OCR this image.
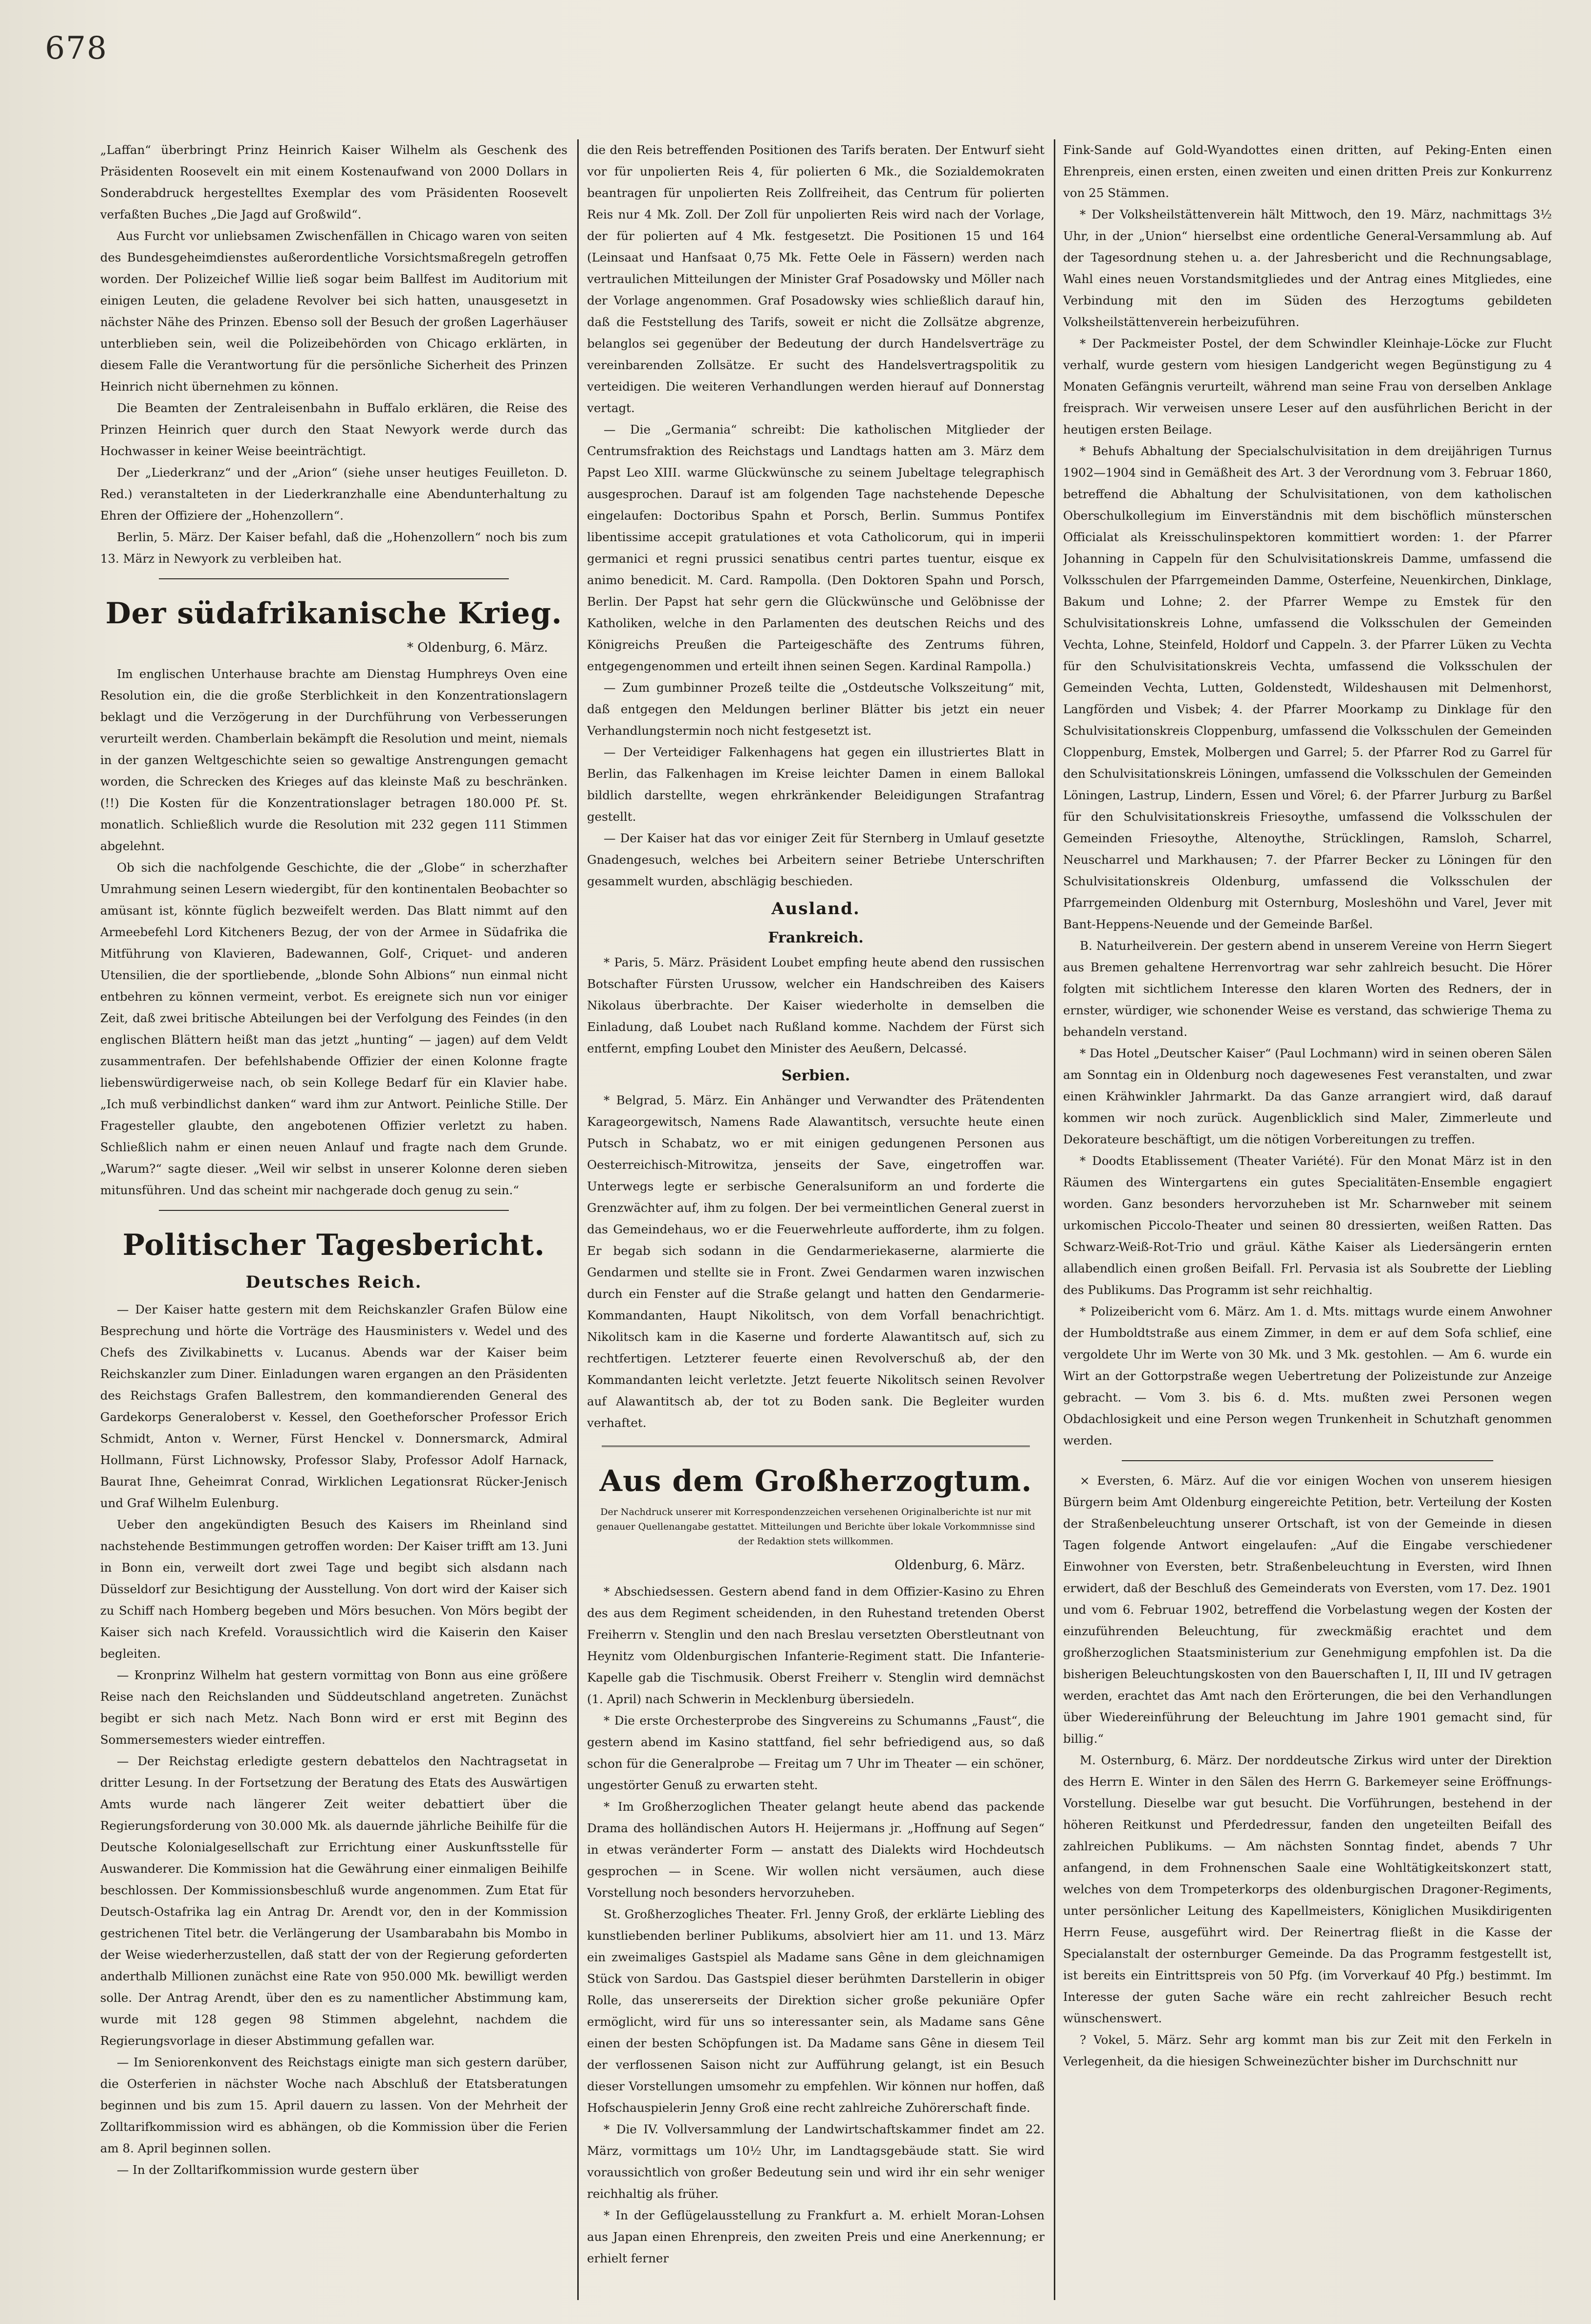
678

„Laffan“ überbringt Prinz Heinrich Kaiser Wilhelm als Geschenk des Präsidenten Roosevelt ein mit einem Kostenaufwand von 2000 Dollars in Sonderabdruck hergestelltes Exemplar des vom Präsidenten Roosevelt verfaßten Buches „Die Jagd auf Großwild“.

Aus Furcht vor unliebsamen Zwischenfällen in Chicago waren von seiten des Bundesgeheimdienstes außerordentliche Vorsichtsmaßregeln getroffen worden. Der Polizeichef Willie ließ sogar beim Ballfest im Auditorium mit einigen Leuten, die geladene Revolver bei sich hatten, unausgesetzt in nächster Nähe des Prinzen. Ebenso soll der Besuch der großen Lagerhäuser unterblieben sein, weil die Polizeibehörden von Chicago erklärten, in diesem Falle die Verantwortung für die persönliche Sicherheit des Prinzen Heinrich nicht übernehmen zu können.

Die Beamten der Zentraleisenbahn in Buffalo erklären, die Reise des Prinzen Heinrich quer durch den Staat Newyork werde durch das Hochwasser in keiner Weise beeinträchtigt.

Der „Liederkranz“ und der „Arion“ (siehe unser heutiges Feuilleton. D. Red.) veranstalteten in der Liederkranzhalle eine Abendunterhaltung zu Ehren der Offiziere der „Hohenzollern“.

Berlin, 5. März. Der Kaiser befahl, daß die „Hohenzollern“ noch bis zum 13. März in Newyork zu verbleiben hat.

Der südafrikanische Krieg.
* Oldenburg, 6. März.

Im englischen Unterhause brachte am Dienstag Humphreys Oven eine Resolution ein, die die große Sterblichkeit in den Konzentrationslagern beklagt und die Verzögerung in der Durchführung von Verbesserungen verurteilt werden. Chamberlain bekämpft die Resolution und meint, niemals in der ganzen Weltgeschichte seien so gewaltige Anstrengungen gemacht worden, die Schrecken des Krieges auf das kleinste Maß zu beschränken. (!!) Die Kosten für die Konzentrationslager betragen 180.000 Pf. St. monatlich. Schließlich wurde die Resolution mit 232 gegen 111 Stimmen abgelehnt.

Ob sich die nachfolgende Geschichte, die der „Globe“ in scherzhafter Umrahmung seinen Lesern wiedergibt, für den kontinentalen Beobachter so amüsant ist, könnte füglich bezweifelt werden. Das Blatt nimmt auf den Armeebefehl Lord Kitcheners Bezug, der von der Armee in Südafrika die Mitführung von Klavieren, Badewannen, Golf-, Criquet- und anderen Utensilien, die der sportliebende, „blonde Sohn Albions“ nun einmal nicht entbehren zu können vermeint, verbot. Es ereignete sich nun vor einiger Zeit, daß zwei britische Abteilungen bei der Verfolgung des Feindes (in den englischen Blättern heißt man das jetzt „hunting“ — jagen) auf dem Veldt zusammentrafen. Der befehlshabende Offizier der einen Kolonne fragte liebenswürdigerweise nach, ob sein Kollege Bedarf für ein Klavier habe. „Ich muß verbindlichst danken“ ward ihm zur Antwort. Peinliche Stille. Der Fragesteller glaubte, den angebotenen Offizier verletzt zu haben. Schließlich nahm er einen neuen Anlauf und fragte nach dem Grunde. „Warum?“ sagte dieser. „Weil wir selbst in unserer Kolonne deren sieben mitunsführen. Und das scheint mir nachgerade doch genug zu sein.“

Politischer Tagesbericht.
Deutsches Reich.

— Der Kaiser hatte gestern mit dem Reichskanzler Grafen Bülow eine Besprechung und hörte die Vorträge des Hausministers v. Wedel und des Chefs des Zivilkabinetts v. Lucanus. Abends war der Kaiser beim Reichskanzler zum Diner. Einladungen waren ergangen an den Präsidenten des Reichstags Grafen Ballestrem, den kommandierenden General des Gardekorps Generaloberst v. Kessel, den Goetheforscher Professor Erich Schmidt, Anton v. Werner, Fürst Henckel v. Donnersmarck, Admiral Hollmann, Fürst Lichnowsky, Professor Slaby, Professor Adolf Harnack, Baurat Ihne, Geheimrat Conrad, Wirklichen Legationsrat Rücker-Jenisch und Graf Wilhelm Eulenburg.

Ueber den angekündigten Besuch des Kaisers im Rheinland sind nachstehende Bestimmungen getroffen worden: Der Kaiser trifft am 13. Juni in Bonn ein, verweilt dort zwei Tage und begibt sich alsdann nach Düsseldorf zur Besichtigung der Ausstellung. Von dort wird der Kaiser sich zu Schiff nach Homberg begeben und Mörs besuchen. Von Mörs begibt der Kaiser sich nach Krefeld. Voraussichtlich wird die Kaiserin den Kaiser begleiten.

— Kronprinz Wilhelm hat gestern vormittag von Bonn aus eine größere Reise nach den Reichslanden und Süddeutschland angetreten. Zunächst begibt er sich nach Metz. Nach Bonn wird er erst mit Beginn des Sommersemesters wieder eintreffen.

— Der Reichstag erledigte gestern debattelos den Nachtragsetat in dritter Lesung. In der Fortsetzung der Beratung des Etats des Auswärtigen Amts wurde nach längerer Zeit weiter debattiert über die Regierungsforderung von 30.000 Mk. als dauernde jährliche Beihilfe für die Deutsche Kolonialgesellschaft zur Errichtung einer Auskunftsstelle für Auswanderer. Die Kommission hat die Gewährung einer einmaligen Beihilfe beschlossen. Der Kommissionsbeschluß wurde angenommen. Zum Etat für Deutsch-Ostafrika lag ein Antrag Dr. Arendt vor, den in der Kommission gestrichenen Titel betr. die Verlängerung der Usambarabahn bis Mombo in der Weise wiederherzustellen, daß statt der von der Regierung geforderten anderthalb Millionen zunächst eine Rate von 950.000 Mk. bewilligt werden solle. Der Antrag Arendt, über den es zu namentlicher Abstimmung kam, wurde mit 128 gegen 98 Stimmen abgelehnt, nachdem die Regierungsvorlage in dieser Abstimmung gefallen war.

— Im Seniorenkonvent des Reichstags einigte man sich gestern darüber, die Osterferien in nächster Woche nach Abschluß der Etatsberatungen beginnen und bis zum 15. April dauern zu lassen. Von der Mehrheit der Zolltarifkommission wird es abhängen, ob die Kommission über die Ferien am 8. April beginnen sollen.

— In der Zolltarifkommission wurde gestern über

die den Reis betreffenden Positionen des Tarifs beraten. Der Entwurf sieht vor für unpolierten Reis 4, für polierten 6 Mk., die Sozialdemokraten beantragen für unpolierten Reis Zollfreiheit, das Centrum für polierten Reis nur 4 Mk. Zoll. Der Zoll für unpolierten Reis wird nach der Vorlage, der für polierten auf 4 Mk. festgesetzt. Die Positionen 15 und 164 (Leinsaat und Hanfsaat 0,75 Mk. Fette Oele in Fässern) werden nach vertraulichen Mitteilungen der Minister Graf Posadowsky und Möller nach der Vorlage angenommen. Graf Posadowsky wies schließlich darauf hin, daß die Feststellung des Tarifs, soweit er nicht die Zollsätze abgrenze, belanglos sei gegenüber der Bedeutung der durch Handelsverträge zu vereinbarenden Zollsätze. Er sucht des Handelsvertragspolitik zu verteidigen. Die weiteren Verhandlungen werden hierauf auf Donnerstag vertagt.

— Die „Germania“ schreibt: Die katholischen Mitglieder der Centrumsfraktion des Reichstags und Landtags hatten am 3. März dem Papst Leo XIII. warme Glückwünsche zu seinem Jubeltage telegraphisch ausgesprochen. Darauf ist am folgenden Tage nachstehende Depesche eingelaufen: Doctoribus Spahn et Porsch, Berlin. Summus Pontifex libentissime accepit gratulationes et vota Catholicorum, qui in imperii germanici et regni prussici senatibus centri partes tuentur, eisque ex animo benedicit. M. Card. Rampolla. (Den Doktoren Spahn und Porsch, Berlin. Der Papst hat sehr gern die Glückwünsche und Gelöbnisse der Katholiken, welche in den Parlamenten des deutschen Reichs und des Königreichs Preußen die Parteigeschäfte des Zentrums führen, entgegengenommen und erteilt ihnen seinen Segen. Kardinal Rampolla.)

— Zum gumbinner Prozeß teilte die „Ostdeutsche Volkszeitung“ mit, daß entgegen den Meldungen berliner Blätter bis jetzt ein neuer Verhandlungstermin noch nicht festgesetzt ist.

— Der Verteidiger Falkenhagens hat gegen ein illustriertes Blatt in Berlin, das Falkenhagen im Kreise leichter Damen in einem Ballokal bildlich darstellte, wegen ehrkränkender Beleidigungen Strafantrag gestellt.

— Der Kaiser hat das vor einiger Zeit für Sternberg in Umlauf gesetzte Gnadengesuch, welches bei Arbeitern seiner Betriebe Unterschriften gesammelt wurden, abschlägig beschieden.

Ausland.
Frankreich.

* Paris, 5. März. Präsident Loubet empfing heute abend den russischen Botschafter Fürsten Urussow, welcher ein Handschreiben des Kaisers Nikolaus überbrachte. Der Kaiser wiederholte in demselben die Einladung, daß Loubet nach Rußland komme. Nachdem der Fürst sich entfernt, empfing Loubet den Minister des Aeußern, Delcassé.

Serbien.

* Belgrad, 5. März. Ein Anhänger und Verwandter des Prätendenten Karageorgewitsch, Namens Rade Alawantitsch, versuchte heute einen Putsch in Schabatz, wo er mit einigen gedungenen Personen aus Oesterreichisch-Mitrowitza, jenseits der Save, eingetroffen war. Unterwegs legte er serbische Generalsuniform an und forderte die Grenzwächter auf, ihm zu folgen. Der bei vermeintlichen General zuerst in das Gemeindehaus, wo er die Feuerwehrleute aufforderte, ihm zu folgen. Er begab sich sodann in die Gendarmeriekaserne, alarmierte die Gendarmen und stellte sie in Front. Zwei Gendarmen waren inzwischen durch ein Fenster auf die Straße gelangt und hatten den Gendarmerie-Kommandanten, Haupt Nikolitsch, von dem Vorfall benachrichtigt. Nikolitsch kam in die Kaserne und forderte Alawantitsch auf, sich zu rechtfertigen. Letzterer feuerte einen Revolverschuß ab, der den Kommandanten leicht verletzte. Jetzt feuerte Nikolitsch seinen Revolver auf Alawantitsch ab, der tot zu Boden sank. Die Begleiter wurden verhaftet.

Aus dem Großherzogtum.
Der Nachdruck unserer mit Korrespondenzzeichen versehenen Originalberichte ist nur mit genauer Quellenangabe gestattet. Mitteilungen und Berichte über lokale Vorkommnisse sind der Redaktion stets willkommen.
Oldenburg, 6. März.

* Abschiedsessen. Gestern abend fand in dem Offizier-Kasino zu Ehren des aus dem Regiment scheidenden, in den Ruhestand tretenden Oberst Freiherrn v. Stenglin und den nach Breslau versetzten Oberstleutnant von Heynitz vom Oldenburgischen Infanterie-Regiment statt. Die Infanterie-Kapelle gab die Tischmusik. Oberst Freiherr v. Stenglin wird demnächst (1. April) nach Schwerin in Mecklenburg übersiedeln.

* Die erste Orchesterprobe des Singvereins zu Schumanns „Faust“, die gestern abend im Kasino stattfand, fiel sehr befriedigend aus, so daß schon für die Generalprobe — Freitag um 7 Uhr im Theater — ein schöner, ungestörter Genuß zu erwarten steht.

* Im Großherzoglichen Theater gelangt heute abend das packende Drama des holländischen Autors H. Heijermans jr. „Hoffnung auf Segen“ in etwas veränderter Form — anstatt des Dialekts wird Hochdeutsch gesprochen — in Scene. Wir wollen nicht versäumen, auch diese Vorstellung noch besonders hervorzuheben.

St. Großherzogliches Theater. Frl. Jenny Groß, der erklärte Liebling des kunstliebenden berliner Publikums, absolviert hier am 11. und 13. März ein zweimaliges Gastspiel als Madame sans Gêne in dem gleichnamigen Stück von Sardou. Das Gastspiel dieser berühmten Darstellerin in obiger Rolle, das unsererseits der Direktion sicher große pekuniäre Opfer ermöglicht, wird für uns so interessanter sein, als Madame sans Gêne einen der besten Schöpfungen ist. Da Madame sans Gêne in diesem Teil der verflossenen Saison nicht zur Aufführung gelangt, ist ein Besuch dieser Vorstellungen umsomehr zu empfehlen. Wir können nur hoffen, daß Hofschauspielerin Jenny Groß eine recht zahlreiche Zuhörerschaft finde.

* Die IV. Vollversammlung der Landwirtschaftskammer findet am 22. März, vormittags um 10½ Uhr, im Landtagsgebäude statt. Sie wird voraussichtlich von großer Bedeutung sein und wird ihr ein sehr weniger reichhaltig als früher.

* In der Geflügelausstellung zu Frankfurt a. M. erhielt Moran-Lohsen aus Japan einen Ehrenpreis, den zweiten Preis und eine Anerkennung; er erhielt ferner

Fink-Sande auf Gold-Wyandottes einen dritten, auf Peking-Enten einen Ehrenpreis, einen ersten, einen zweiten und einen dritten Preis zur Konkurrenz von 25 Stämmen.

* Der Volksheilstättenverein hält Mittwoch, den 19. März, nachmittags 3½ Uhr, in der „Union“ hierselbst eine ordentliche General-Versammlung ab. Auf der Tagesordnung stehen u. a. der Jahresbericht und die Rechnungsablage, Wahl eines neuen Vorstandsmitgliedes und der Antrag eines Mitgliedes, eine Verbindung mit den im Süden des Herzogtums gebildeten Volksheilstättenverein herbeizuführen.

* Der Packmeister Postel, der dem Schwindler Kleinhaje-Löcke zur Flucht verhalf, wurde gestern vom hiesigen Landgericht wegen Begünstigung zu 4 Monaten Gefängnis verurteilt, während man seine Frau von derselben Anklage freisprach. Wir verweisen unsere Leser auf den ausführlichen Bericht in der heutigen ersten Beilage.

* Behufs Abhaltung der Specialschulvisitation in dem dreijährigen Turnus 1902—1904 sind in Gemäßheit des Art. 3 der Verordnung vom 3. Februar 1860, betreffend die Abhaltung der Schulvisitationen, von dem katholischen Oberschulkollegium im Einverständnis mit dem bischöflich münsterschen Officialat als Kreisschulinspektoren kommittiert worden: 1. der Pfarrer Johanning in Cappeln für den Schulvisitationskreis Damme, umfassend die Volksschulen der Pfarrgemeinden Damme, Osterfeine, Neuenkirchen, Dinklage, Bakum und Lohne; 2. der Pfarrer Wempe zu Emstek für den Schulvisitationskreis Lohne, umfassend die Volksschulen der Gemeinden Vechta, Lohne, Steinfeld, Holdorf und Cappeln. 3. der Pfarrer Lüken zu Vechta für den Schulvisitationskreis Vechta, umfassend die Volksschulen der Gemeinden Vechta, Lutten, Goldenstedt, Wildeshausen mit Delmenhorst, Langförden und Visbek; 4. der Pfarrer Moorkamp zu Dinklage für den Schulvisitationskreis Cloppenburg, umfassend die Volksschulen der Gemeinden Cloppenburg, Emstek, Molbergen und Garrel; 5. der Pfarrer Rod zu Garrel für den Schulvisitationskreis Löningen, umfassend die Volksschulen der Gemeinden Löningen, Lastrup, Lindern, Essen und Vörel; 6. der Pfarrer Jurburg zu Barßel für den Schulvisitationskreis Friesoythe, umfassend die Volksschulen der Gemeinden Friesoythe, Altenoythe, Strücklingen, Ramsloh, Scharrel, Neuscharrel und Markhausen; 7. der Pfarrer Becker zu Löningen für den Schulvisitationskreis Oldenburg, umfassend die Volksschulen der Pfarrgemeinden Oldenburg mit Osternburg, Mosleshöhn und Varel, Jever mit Bant-Heppens-Neuende und der Gemeinde Barßel.

B. Naturheilverein. Der gestern abend in unserem Vereine von Herrn Siegert aus Bremen gehaltene Herrenvortrag war sehr zahlreich besucht. Die Hörer folgten mit sichtlichem Interesse den klaren Worten des Redners, der in ernster, würdiger, wie schonender Weise es verstand, das schwierige Thema zu behandeln verstand.

* Das Hotel „Deutscher Kaiser“ (Paul Lochmann) wird in seinen oberen Sälen am Sonntag ein in Oldenburg noch dagewesenes Fest veranstalten, und zwar einen Krähwinkler Jahrmarkt. Da das Ganze arrangiert wird, daß darauf kommen wir noch zurück. Augenblicklich sind Maler, Zimmerleute und Dekorateure beschäftigt, um die nötigen Vorbereitungen zu treffen.

* Doodts Etablissement (Theater Variété). Für den Monat März ist in den Räumen des Wintergartens ein gutes Specialitäten-Ensemble engagiert worden. Ganz besonders hervorzuheben ist Mr. Scharnweber mit seinem urkomischen Piccolo-Theater und seinen 80 dressierten, weißen Ratten. Das Schwarz-Weiß-Rot-Trio und gräul. Käthe Kaiser als Liedersängerin ernten allabendlich einen großen Beifall. Frl. Pervasia ist als Soubrette der Liebling des Publikums. Das Programm ist sehr reichhaltig.

* Polizeibericht vom 6. März. Am 1. d. Mts. mittags wurde einem Anwohner der Humboldtstraße aus einem Zimmer, in dem er auf dem Sofa schlief, eine vergoldete Uhr im Werte von 30 Mk. und 3 Mk. gestohlen. — Am 6. wurde ein Wirt an der Gottorpstraße wegen Uebertretung der Polizeistunde zur Anzeige gebracht. — Vom 3. bis 6. d. Mts. mußten zwei Personen wegen Obdachlosigkeit und eine Person wegen Trunkenheit in Schutzhaft genommen werden.

× Eversten, 6. März. Auf die vor einigen Wochen von unserem hiesigen Bürgern beim Amt Oldenburg eingereichte Petition, betr. Verteilung der Kosten der Straßenbeleuchtung unserer Ortschaft, ist von der Gemeinde in diesen Tagen folgende Antwort eingelaufen: „Auf die Eingabe verschiedener Einwohner von Eversten, betr. Straßenbeleuchtung in Eversten, wird Ihnen erwidert, daß der Beschluß des Gemeinderats von Eversten, vom 17. Dez. 1901 und vom 6. Februar 1902, betreffend die Vorbelastung wegen der Kosten der einzuführenden Beleuchtung, für zweckmäßig erachtet und dem großherzoglichen Staatsministerium zur Genehmigung empfohlen ist. Da die bisherigen Beleuchtungskosten von den Bauerschaften I, II, III und IV getragen werden, erachtet das Amt nach den Erörterungen, die bei den Verhandlungen über Wiedereinführung der Beleuchtung im Jahre 1901 gemacht sind, für billig.“

M. Osternburg, 6. März. Der norddeutsche Zirkus wird unter der Direktion des Herrn E. Winter in den Sälen des Herrn G. Barkemeyer seine Eröffnungs-Vorstellung. Dieselbe war gut besucht. Die Vorführungen, bestehend in der höheren Reitkunst und Pferdedressur, fanden den ungeteilten Beifall des zahlreichen Publikums. — Am nächsten Sonntag findet, abends 7 Uhr anfangend, in dem Frohnenschen Saale eine Wohltätigkeitskonzert statt, welches von dem Trompeterkorps des oldenburgischen Dragoner-Regiments, unter persönlicher Leitung des Kapellmeisters, Königlichen Musikdirigenten Herrn Feuse, ausgeführt wird. Der Reinertrag fließt in die Kasse der Specialanstalt der osternburger Gemeinde. Da das Programm festgestellt ist, ist bereits ein Eintrittspreis von 50 Pfg. (im Vorverkauf 40 Pfg.) bestimmt. Im Interesse der guten Sache wäre ein recht zahlreicher Besuch recht wünschenswert.

? Vokel, 5. März. Sehr arg kommt man bis zur Zeit mit den Ferkeln in Verlegenheit, da die hiesigen Schweinezüchter bisher im Durchschnitt nur
